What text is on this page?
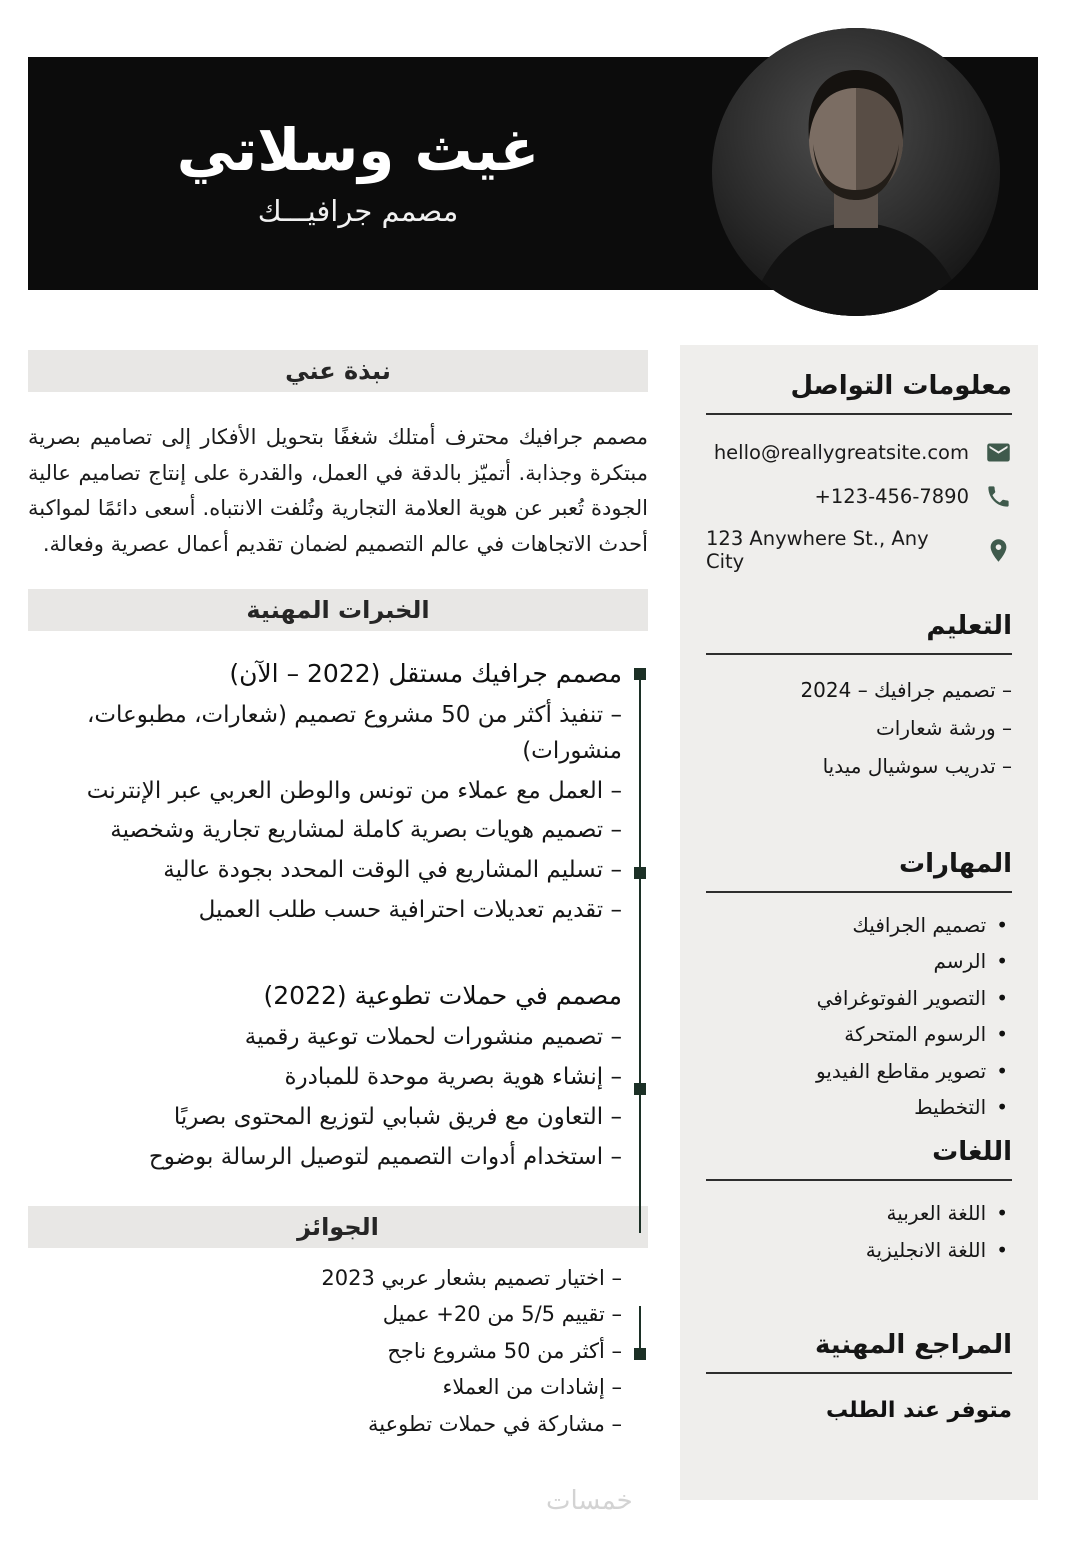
غيث وسلاتي
مصمم جرافيـــك
معلومات التواصل
hello@reallygreatsite.com
+123-456-7890
123 Anywhere St., Any City
التعليم

– تصميم جرافيك – 2024

– ورشة شعارات

– تدريب سوشيال ميديا

المهارات
• تصميم الجرافيك
• الرسم
• التصوير الفوتوغرافي
• الرسوم المتحركة
• تصوير مقاطع الفيديو
• التخطيط
اللغات
• اللغة العربية
• اللغة الانجليزية
المراجع المهنية

متوفر عند الطلب

نبذة عني

مصمم جرافيك محترف أمتلك شغفًا بتحويل الأفكار إلى تصاميم بصرية مبتكرة وجذابة. أتميّز بالدقة في العمل، والقدرة على إنتاج تصاميم عالية الجودة تُعبر عن هوية العلامة التجارية وتُلفت الانتباه. أسعى دائمًا لمواكبة أحدث الاتجاهات في عالم التصميم لضمان تقديم أعمال عصرية وفعالة.

الخبرات المهنية
مصمم جرافيك مستقل (2022 – الآن)
– تنفيذ أكثر من 50 مشروع تصميم (شعارات، مطبوعات، منشورات)
– العمل مع عملاء من تونس والوطن العربي عبر الإنترنت
– تصميم هويات بصرية كاملة لمشاريع تجارية وشخصية
– تسليم المشاريع في الوقت المحدد بجودة عالية
– تقديم تعديلات احترافية حسب طلب العميل
مصمم في حملات تطوعية (2022)
– تصميم منشورات لحملات توعية رقمية
– إنشاء هوية بصرية موحدة للمبادرة
– التعاون مع فريق شبابي لتوزيع المحتوى بصريًا
– استخدام أدوات التصميم لتوصيل الرسالة بوضوح
الجوائز
– اختيار تصميم بشعار عربي 2023
– تقييم 5/5 من 20+ عميل
– أكثر من 50 مشروع ناجح
– إشادات من العملاء
– مشاركة في حملات تطوعية
خمسات
